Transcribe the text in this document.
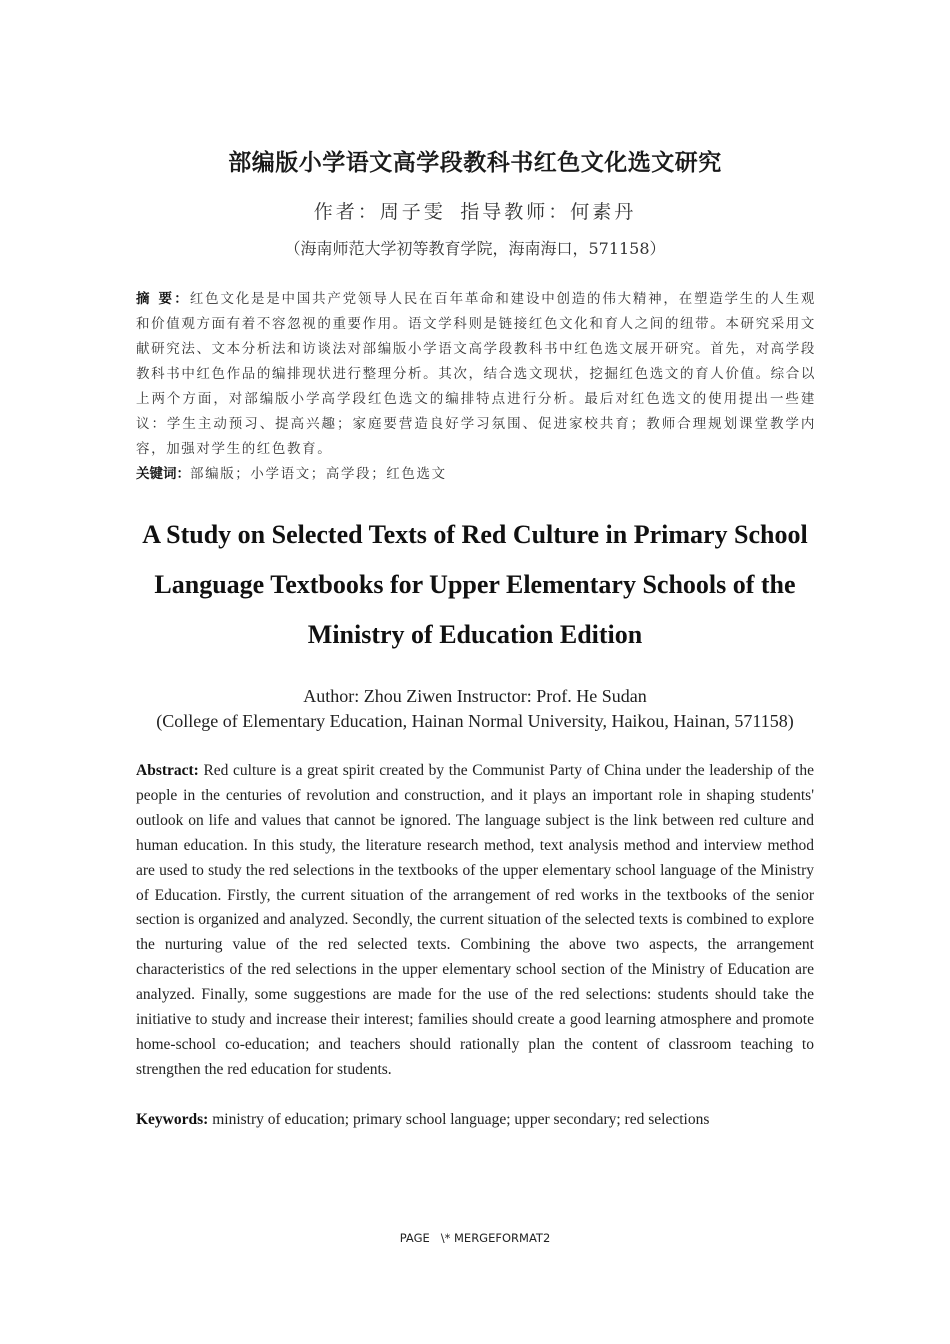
部编版小学语文高学段教科书红色文化选文研究
作者：周子雯 指导教师：何素丹
（海南师范大学初等教育学院，海南海口，571158）
摘 要：红色文化是是中国共产党领导人民在百年革命和建设中创造的伟大精神，在塑造学生的人生观和价值观方面有着不容忽视的重要作用。语文学科则是链接红色文化和育人之间的纽带。本研究采用文献研究法、文本分析法和访谈法对部编版小学语文高学段教科书中红色选文展开研究。首先，对高学段教科书中红色作品的编排现状进行整理分析。其次，结合选文现状，挖掘红色选文的育人价值。综合以上两个方面，对部编版小学高学段红色选文的编排特点进行分析。最后对红色选文的使用提出一些建议：学生主动预习、提高兴趣；家庭要营造良好学习氛围、促进家校共育；教师合理规划课堂教学内容，加强对学生的红色教育。
关键词：部编版；小学语文；高学段；红色选文
A Study on Selected Texts of Red Culture in Primary School Language Textbooks for Upper Elementary Schools of the Ministry of Education Edition
Author: Zhou Ziwen Instructor: Prof. He Sudan
(College of Elementary Education, Hainan Normal University, Haikou, Hainan, 571158)
Abstract: Red culture is a great spirit created by the Communist Party of China under the leadership of the people in the centuries of revolution and construction, and it plays an important role in shaping students' outlook on life and values that cannot be ignored. The language subject is the link between red culture and human education. In this study, the literature research method, text analysis method and interview method are used to study the red selections in the textbooks of the upper elementary school language of the Ministry of Education. Firstly, the current situation of the arrangement of red works in the textbooks of the senior section is organized and analyzed. Secondly, the current situation of the selected texts is combined to explore the nurturing value of the red selected texts. Combining the above two aspects, the arrangement characteristics of the red selections in the upper elementary school section of the Ministry of Education are analyzed. Finally, some suggestions are made for the use of the red selections: students should take the initiative to study and increase their interest; families should create a good learning atmosphere and promote home-school co-education; and teachers should rationally plan the content of classroom teaching to strengthen the red education for students.
Keywords: ministry of education; primary school language; upper secondary; red selections
PAGE   \* MERGEFORMAT2
